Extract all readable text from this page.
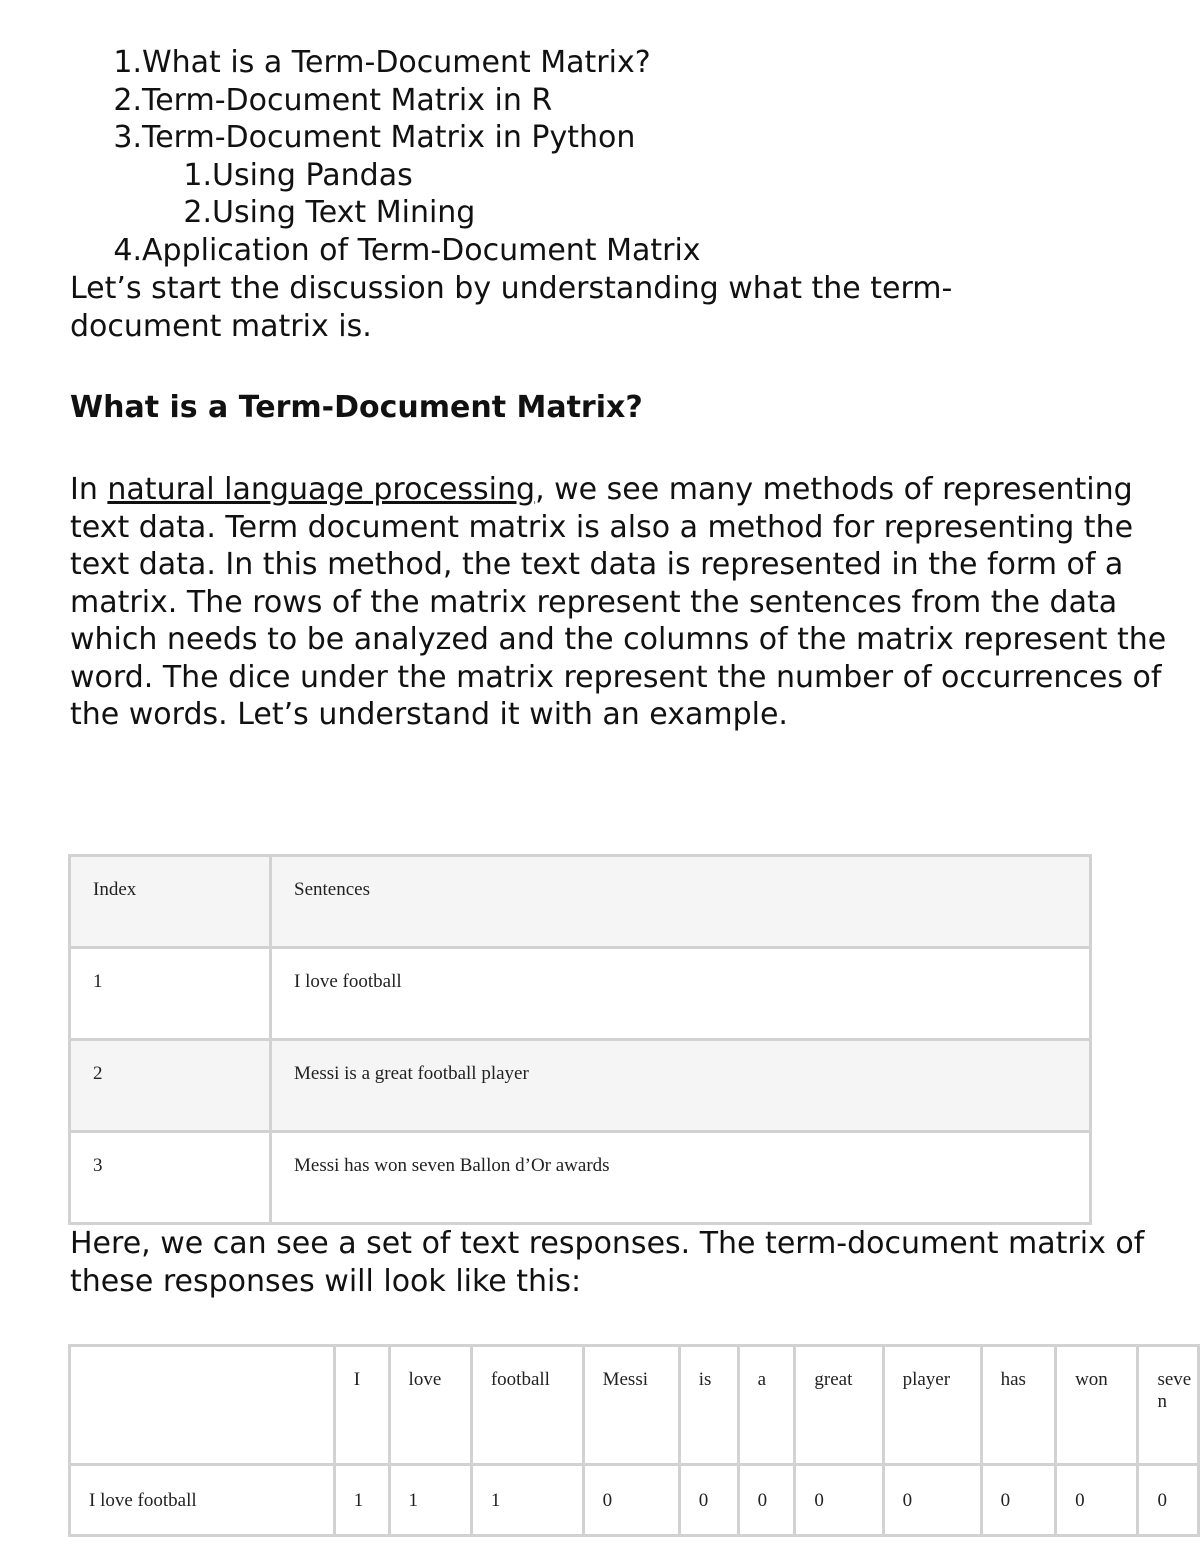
1.What is a Term-Document Matrix?
2.Term-Document Matrix in R
3.Term-Document Matrix in Python
1.Using Pandas
2.Using Text Mining
4.Application of Term-Document Matrix

Let’s start the discussion by understanding what the term-document matrix is.

What is a Term-Document Matrix?

In natural language processing, we see many methods of representing text data. Term document matrix is also a method for representing the text data. In this method, the text data is represented in the form of a matrix. The rows of the matrix represent the sentences from the data which needs to be analyzed and the columns of the matrix represent the word. The dice under the matrix represent the number of occurrences of the words. Let’s understand it with an example.

Index	Sentences
1	I love football
2	Messi is a great football player
3	Messi has won seven Ballon d’Or awards

Here, we can see a set of text responses. The term-document matrix of these responses will look like this:

	I	love	football	Messi	is	a	great	player	has	won	seven
I love football	1	1	1	0	0	0	0	0	0	0	0
